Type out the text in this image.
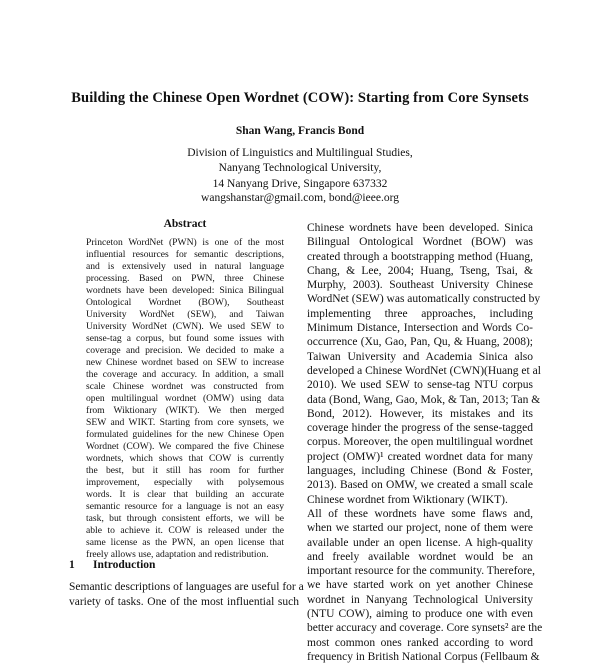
Building the Chinese Open Wordnet (COW): Starting from Core Synsets
Shan Wang, Francis Bond
Division of Linguistics and Multilingual Studies,
Nanyang Technological University,
14 Nanyang Drive, Singapore 637332
wangshanstar@gmail.com, bond@ieee.org
Abstract
Princeton WordNet (PWN) is one of the most
influential resources for semantic descriptions,
and is extensively used in natural language
processing. Based on PWN, three Chinese
wordnets have been developed: Sinica Bilingual
Ontological Wordnet (BOW), Southeast
University WordNet (SEW), and Taiwan
University WordNet (CWN). We used SEW to
sense-tag a corpus, but found some issues with
coverage and precision. We decided to make a
new Chinese wordnet based on SEW to increase
the coverage and accuracy. In addition, a small
scale Chinese wordnet was constructed from
open multilingual wordnet (OMW) using data
from Wiktionary (WIKT). We then merged
SEW and WIKT. Starting from core synsets, we
formulated guidelines for the new Chinese Open
Wordnet (COW). We compared the five Chinese
wordnets, which shows that COW is currently
the best, but it still has room for further
improvement, especially with polysemous
words. It is clear that building an accurate
semantic resource for a language is not an easy
task, but through consistent efforts, we will be
able to achieve it. COW is released under the
same license as the PWN, an open license that
freely allows use, adaptation and redistribution.
1 Introduction
Semantic descriptions of languages are useful for a
variety of tasks. One of the most influential such
Chinese wordnets have been developed. Sinica
Bilingual Ontological Wordnet (BOW) was
created through a bootstrapping method (Huang,
Chang, & Lee, 2004; Huang, Tseng, Tsai, &
Murphy, 2003). Southeast University Chinese
WordNet (SEW) was automatically constructed by
implementing three approaches, including
Minimum Distance, Intersection and Words Co-
occurrence (Xu, Gao, Pan, Qu, & Huang, 2008);
Taiwan University and Academia Sinica also
developed a Chinese WordNet (CWN)(Huang et al
2010). We used SEW to sense-tag NTU corpus
data (Bond, Wang, Gao, Mok, & Tan, 2013; Tan &
Bond, 2012). However, its mistakes and its
coverage hinder the progress of the sense-tagged
corpus. Moreover, the open multilingual wordnet
project (OMW)¹ created wordnet data for many
languages, including Chinese (Bond & Foster,
2013). Based on OMW, we created a small scale
Chinese wordnet from Wiktionary (WIKT).
All of these wordnets have some flaws and,
when we started our project, none of them were
available under an open license. A high-quality
and freely available wordnet would be an
important resource for the community. Therefore,
we have started work on yet another Chinese
wordnet in Nanyang Technological University
(NTU COW), aiming to produce one with even
better accuracy and coverage. Core synsets² are the
most common ones ranked according to word
frequency in British National Corpus (Fellbaum &
